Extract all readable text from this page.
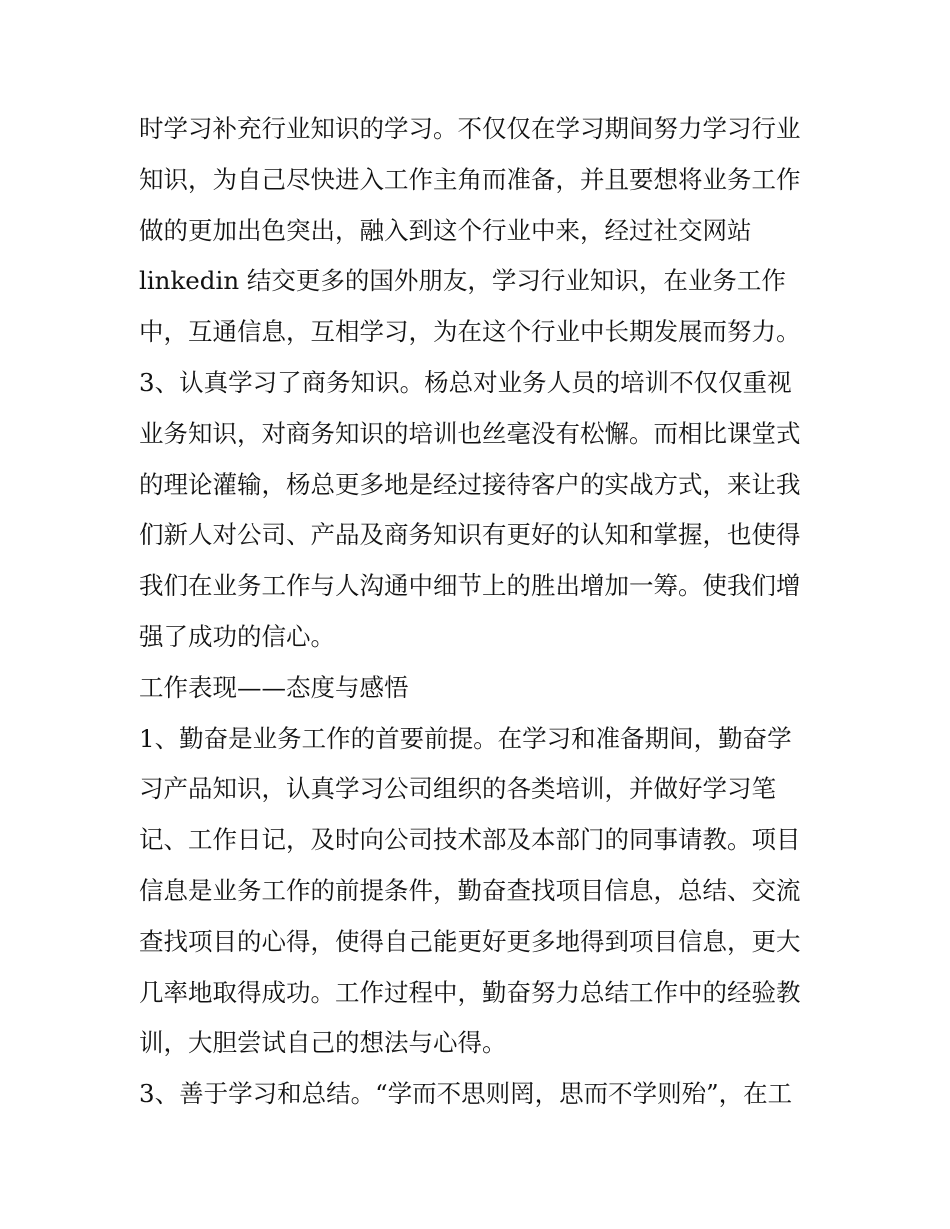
时学习补充行业知识的学习。不仅仅在学习期间努力学习行业
知识，为自己尽快进入工作主角而准备，并且要想将业务工作
做的更加出色突出，融入到这个行业中来，经过社交网站
linkedin 结交更多的国外朋友，学习行业知识，在业务工作
中，互通信息，互相学习，为在这个行业中长期发展而努力。
3、认真学习了商务知识。杨总对业务人员的培训不仅仅重视
业务知识，对商务知识的培训也丝毫没有松懈。而相比课堂式
的理论灌输，杨总更多地是经过接待客户的实战方式，来让我
们新人对公司、产品及商务知识有更好的认知和掌握，也使得
我们在业务工作与人沟通中细节上的胜出增加一筹。使我们增
强了成功的信心。
工作表现——态度与感悟
1、勤奋是业务工作的首要前提。在学习和准备期间，勤奋学
习产品知识，认真学习公司组织的各类培训，并做好学习笔
记、工作日记，及时向公司技术部及本部门的同事请教。项目
信息是业务工作的前提条件，勤奋查找项目信息，总结、交流
查找项目的心得，使得自己能更好更多地得到项目信息，更大
几率地取得成功。工作过程中，勤奋努力总结工作中的经验教
训，大胆尝试自己的想法与心得。
3、善于学习和总结。“学而不思则罔，思而不学则殆”，在工
